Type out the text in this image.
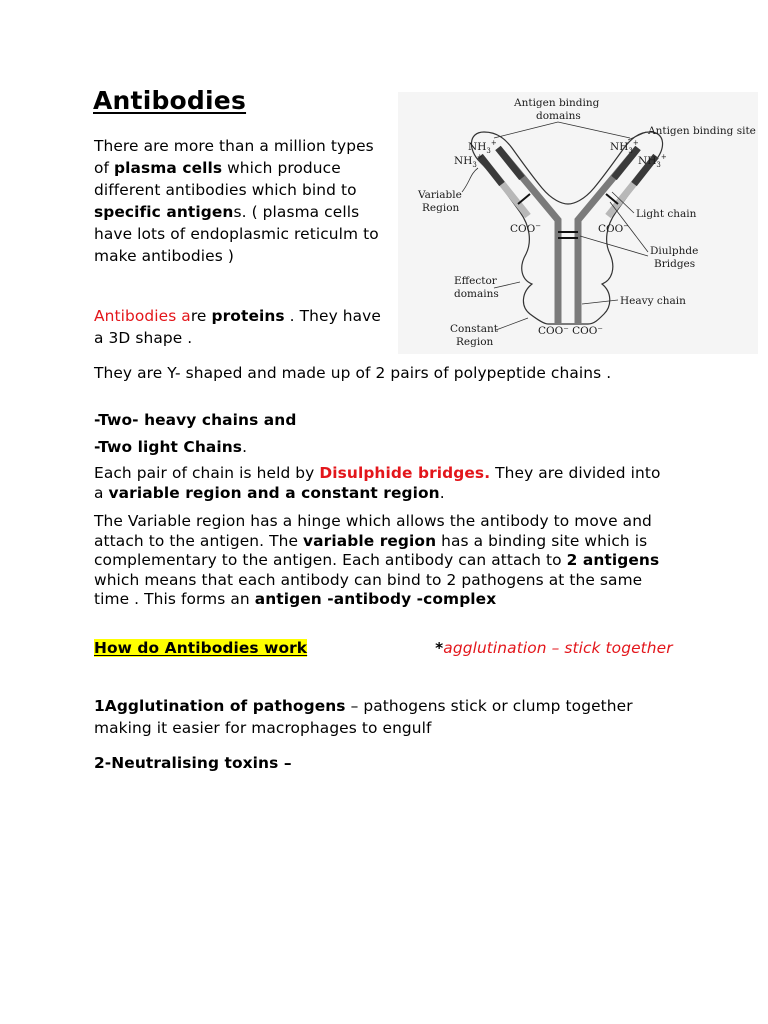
Antibodies

There are more than a million types of plasma cells which produce different antibodies which bind to specific antigens. ( plasma cells have lots of endoplasmic reticulm to make antibodies )

Antibodies are proteins . They have a 3D shape .

They are Y- shaped and made up of 2 pairs of polypeptide chains .

-Two- heavy chains and

-Two light Chains.

Each pair of chain is held by Disulphide bridges. They are divided into a variable region and a constant region.

The Variable region has a hinge which allows the antibody to move and attach to the antigen. The variable region has a binding site which is complementary to the antigen. Each antibody can attach to 2 antigens which means that each antibody can bind to 2 pathogens at the same time . This forms an antigen -antibody -complex

How do Antibodies work	*agglutination – stick together

1Agglutination of pathogens – pathogens stick or clump together making it easier for macrophages to engulf

2-Neutralising toxins –

Antigen binding
domains
Antigen binding site
$NH_3^+$
$NH_3^+$
$NH_3^+$
$NH_3^+$
Variable
Region	Light chain
COO−	COO−
Diulphde
Bridges
Effector
domains
Heavy chain
Constant
Region
COO⁻ COO⁻
